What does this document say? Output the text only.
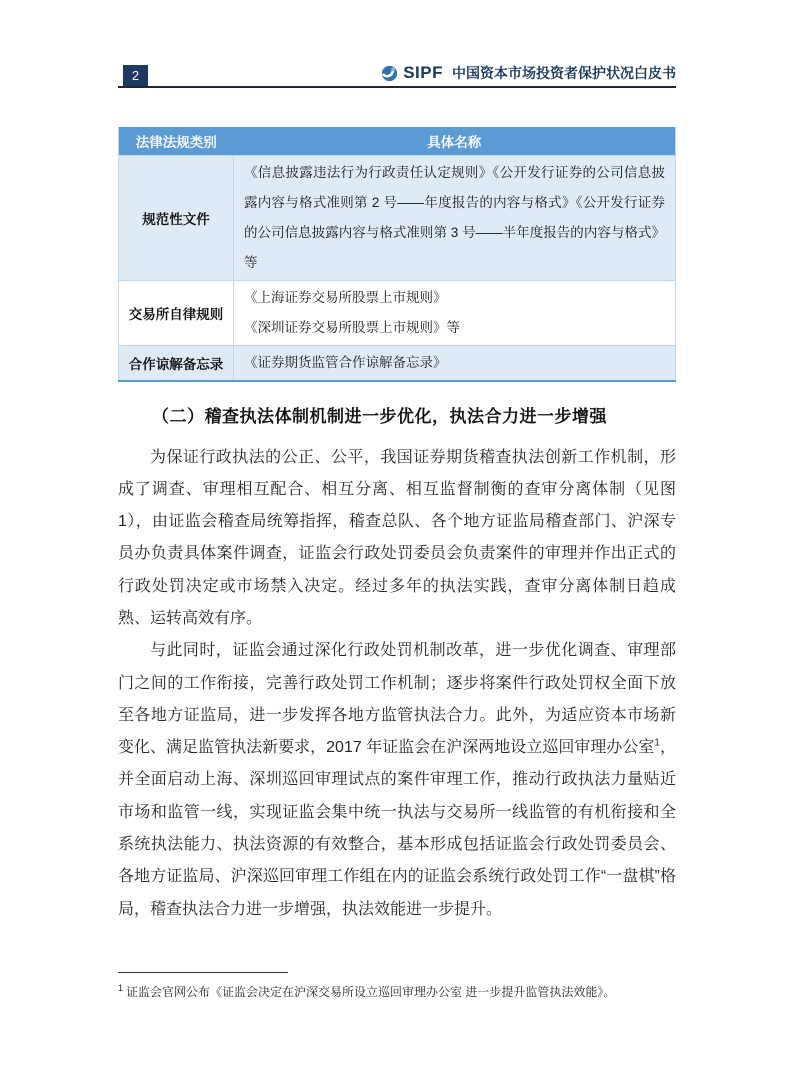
2	SIPF 中国资本市场投资者保护状况白皮书
法律法规类别	具体名称
规范性文件	《信息披露违法行为行政责任认定规则》《公开发行证券的公司信息披露内容与格式准则第 2 号——年度报告的内容与格式》《公开发行证券的公司信息披露内容与格式准则第 3 号——半年度报告的内容与格式》等

交易所自律规则	《上海证券交易所股票上市规则》

《深圳证券交易所股票上市规则》等

合作谅解备忘录	《证券期货监管合作谅解备忘录》

（二）稽查执法体制机制进一步优化，执法合力进一步增强

为保证行政执法的公正、公平，我国证券期货稽查执法创新工作机制，形成了调查、审理相互配合、相互分离、相互监督制衡的查审分离体制（见图 1），由证监会稽查局统筹指挥，稽查总队、各个地方证监局稽查部门、沪深专员办负责具体案件调查，证监会行政处罚委员会负责案件的审理并作出正式的行政处罚决定或市场禁入决定。经过多年的执法实践，查审分离体制日趋成熟、运转高效有序。

与此同时，证监会通过深化行政处罚机制改革，进一步优化调查、审理部门之间的工作衔接，完善行政处罚工作机制；逐步将案件行政处罚权全面下放至各地方证监局，进一步发挥各地方监管执法合力。此外，为适应资本市场新变化、满足监管执法新要求，2017 年证监会在沪深两地设立巡回审理办公室$^1$，并全面启动上海、深圳巡回审理试点的案件审理工作，推动行政执法力量贴近市场和监管一线，实现证监会集中统一执法与交易所一线监管的有机衔接和全系统执法能力、执法资源的有效整合，基本形成包括证监会行政处罚委员会、各地方证监局、沪深巡回审理工作组在内的证监会系统行政处罚工作“一盘棋”格局，稽查执法合力进一步增强，执法效能进一步提升。

$^1$ 证监会官网公布《证监会决定在沪深交易所设立巡回审理办公室 进一步提升监管执法效能》。
